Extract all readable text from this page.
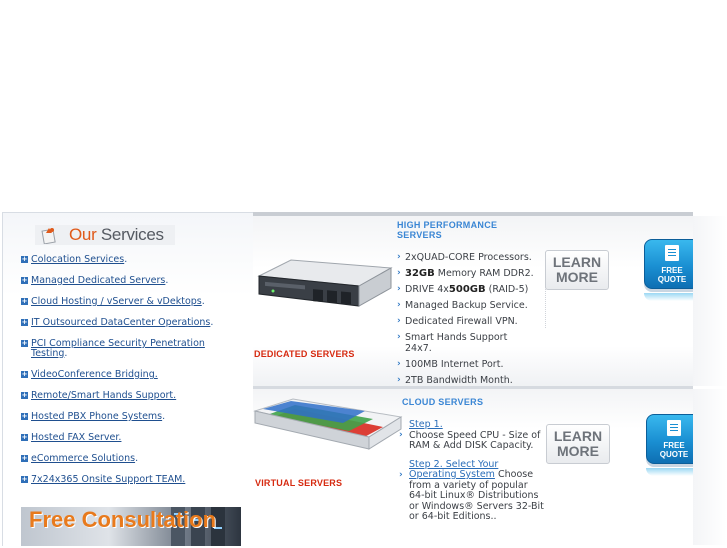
Our Services
+ Colocation Services.
+ Managed Dedicated Servers.
+ Cloud Hosting / vServer & vDektops.
+ IT Outsourced DataCenter Operations.
+ PCI Compliance Security Penetration Testing.
+ VideoConference Bridging.
+ Remote/Smart Hands Support.
+ Hosted PBX Phone Systems.
+ Hosted FAX Server.
+ eCommerce Solutions.
+ 7x24x365 Onsite Support TEAM.
Free Consultation
DEDICATED SERVERS
HIGH PERFORMANCE
SERVERS
› 2xQUAD-CORE Processors.
› 32GB Memory RAM DDR2.
› DRIVE 4x500GB (RAID-5)
› Managed Backup Service.
› Dedicated Firewall VPN.
› Smart Hands Support 24x7.
› 100MB Internet Port.
› 2TB Bandwidth Month.
LEARN
MORE	FREE
QUOTE
VIRTUAL SERVERS
CLOUD SERVERS
›
Step 1.
Choose Speed CPU - Size of RAM & Add DISK Capacity.
›
Step 2. Select Your Operating System Choose from a variety of popular 64-bit Linux® Distributions or Windows® Servers 32-Bit or 64-bit Editions..
LEARN
MORE	FREE
QUOTE
